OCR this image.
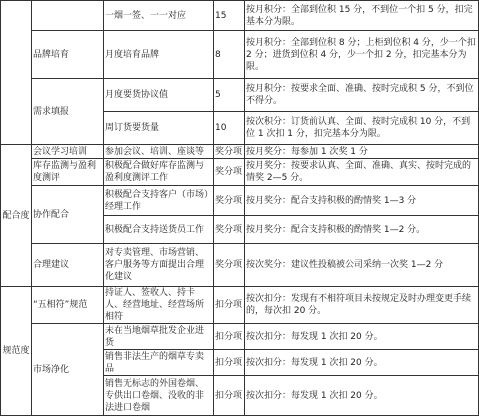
		一烟一签、一一对应	15	按月积分：全部到位积 15 分，不到位一个扣 5 分，扣完基本分为限。
	品牌培育	月度培育品牌	8	按月积分：全部到位积 8 分；上柜到位积 4 分，少一个扣 2 分；进货到位积 4 分，少一个扣 2 分，扣完基本分为限。
	需求填报	月度要货协议值	5	按月积分：按要求全面、准确、按时完成积 5 分，不到位不得分。
		周订货要货量	10	按次积分：订货前认真、全面、按时完成积 10 分，不到位 1 次扣 1 分，扣完基本分为限。
配合度	会议学习培训	参加会议、培训、座谈等	奖分项	按月奖分：每参加 1 次奖 1 分
	库存监测与盈利度测评	积极配合做好库存监测与盈利度测评工作	奖分项	按月奖分：按要求认真、全面、准确、真实、按时完成的情奖 2—5 分。
	协作配合	积极配合支持客户（市场）经理工作	奖分项	按月奖分：配合支持积极的酌情奖 1—3 分
		积极配合支持送货员工作	奖分项	按月奖分：配合支持积极的酌情奖 1—2 分。
	合理建议	对专卖管理、市场营销、客户服务等方面提出合理化建议	奖分项	按次奖分：建议性投稿被公司采纳一次奖 1—2 分
规范度	“五相符”规范	持证人、签收人、持卡人、经营地址、经营场所相符	扣分项	按次扣分：发现有不相符项目未按规定及时办理变更手续的，每次扣 20 分。
	市场净化	未在当地烟草批发企业进货	扣分项	按次扣分：每发现 1 次扣 20 分。
		销售非法生产的烟草专卖品	扣分项	按次扣分：每发现 1 次扣 20 分。
		销售无标志的外国卷烟、专供出口卷烟、没收的非法进口卷烟	扣分项	按次扣分：每发现 1 次扣 20 分。
